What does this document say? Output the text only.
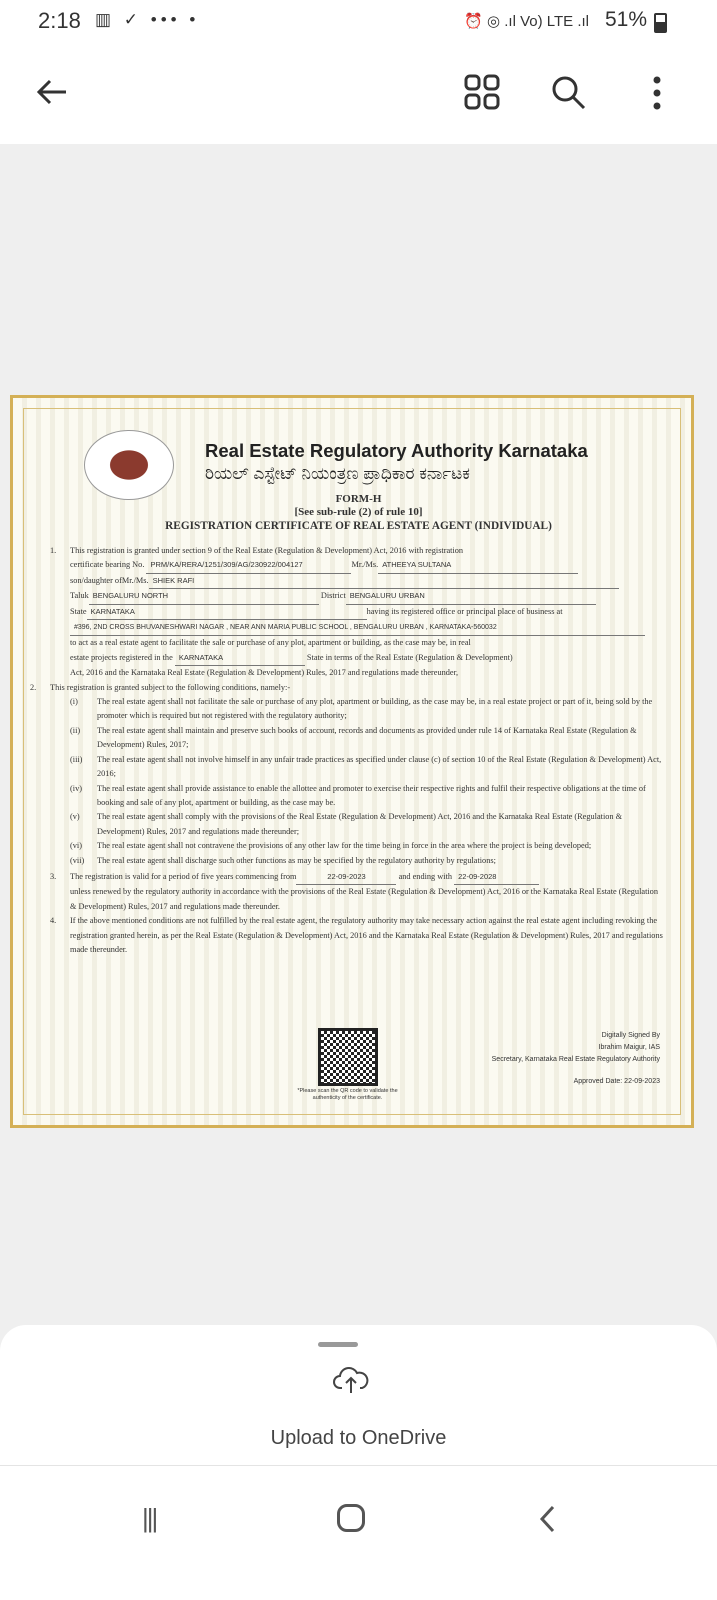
2:18 ▥ ✓ ••• •	⏰ ◎ .ıl Vo) LTE .ıl 51%
Real Estate Regulatory Authority Karnataka
ರಿಯಲ್ ಎಸ್ಟೇಟ್ ನಿಯಂತ್ರಣ ಪ್ರಾಧಿಕಾರ ಕರ್ನಾಟಕ
FORM-H
[See sub-rule (2) of rule 10]
REGISTRATION CERTIFICATE OF REAL ESTATE AGENT (INDIVIDUAL)
1.	This registration is granted under section 9 of the Real Estate (Regulation & Development) Act, 2016 with registration
certificate bearing No. PRM/KA/RERA/1251/309/AG/230922/004127	Mr./Ms. ATHEEYA SULTANA
son/daughter ofMr./Ms. SHIEK RAFI
Taluk BENGALURU NORTH	District BENGALURU URBAN
State KARNATAKA	having its registered office or principal place of business at
#396, 2ND CROSS BHUVANESHWARI NAGAR , NEAR ANN MARIA PUBLIC SCHOOL , BENGALURU URBAN , KARNATAKA-560032
to act as a real estate agent to facilitate the sale or purchase of any plot, apartment or building, as the case may be, in real
estate projects registered in the KARNATAKA	State in terms of the Real Estate (Regulation & Development)
Act, 2016 and the Karnataka Real Estate (Regulation & Development) Rules, 2017 and regulations made thereunder,
2.	This registration is granted subject to the following conditions, namely:-
(i)	The real estate agent shall not facilitate the sale or purchase of any plot, apartment or building, as the case may be, in a real estate project or part of it, being sold by the promoter which is required but not registered with the regulatory authority;
(ii)	The real estate agent shall maintain and preserve such books of account, records and documents as provided under rule 14 of Karnataka Real Estate (Regulation & Development) Rules, 2017;
(iii)	The real estate agent shall not involve himself in any unfair trade practices as specified under clause (c) of section 10 of the Real Estate (Regulation & Development) Act, 2016;
(iv)	The real estate agent shall provide assistance to enable the allottee and promoter to exercise their respective rights and fulfil their respective obligations at the time of booking and sale of any plot, apartment or building, as the case may be.
(v)	The real estate agent shall comply with the provisions of the Real Estate (Regulation & Development) Act, 2016 and the Karnataka Real Estate (Regulation & Development) Rules, 2017 and regulations made thereunder;
(vi)	The real estate agent shall not contravene the provisions of any other law for the time being in force in the area where the project is being developed;
(vii)	The real estate agent shall discharge such other functions as may be specified by the regulatory authority by regulations;
3.	The registration is valid for a period of five years commencing from	22-09-2023	and ending with 22-09-2028
unless renewed by the regulatory authority in accordance with the provisions of the Real Estate (Regulation & Development) Act, 2016 or the Karnataka Real Estate (Regulation & Development) Rules, 2017 and regulations made thereunder.
4.	If the above mentioned conditions are not fulfilled by the real estate agent, the regulatory authority may take necessary action against the real estate agent including revoking the registration granted herein, as per the Real Estate (Regulation & Development) Act, 2016 and the Karnataka Real Estate (Regulation & Development) Rules, 2017 and regulations made thereunder.
*Please scan the QR code to validate the authenticity of the certificate.
Digitally Signed By
Ibrahim Maigur, IAS
Secretary, Karnataka Real Estate Regulatory Authority
Approved Date: 22-09-2023
Upload to OneDrive
|||
